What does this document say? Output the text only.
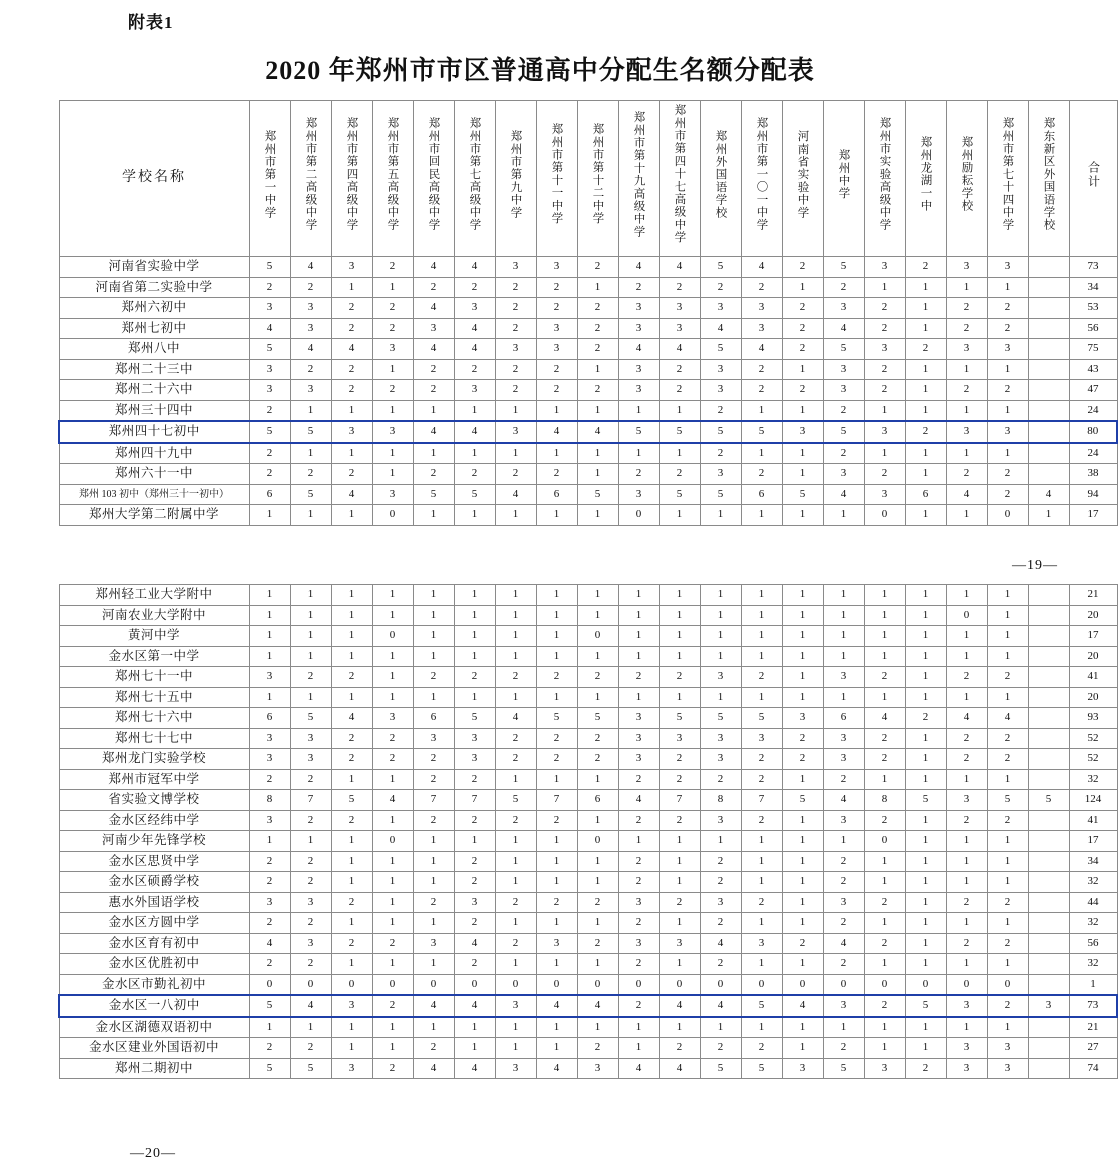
附表1
2020 年郑州市市区普通高中分配生名额分配表
学校名称	郑州市第一中学	郑州市第二高级中学	郑州市第四高级中学	郑州市第五高级中学	郑州市回民高级中学	郑州市第七高级中学	郑州市第九中学	郑州市第十一中学	郑州市第十二中学	郑州市第十九高级中学	郑州市第四十七高级中学	郑州外国语学校	郑州市第一〇一中学	河南省实验中学	郑州中学	郑州市实验高级中学	郑州龙湖一中	郑州励耘学校	郑州市第七十四中学	郑东新区外国语学校	合计
河南省实验中学	5	4	3	2	4	4	3	3	2	4	4	5	4	2	5	3	2	3	3		73
河南省第二实验中学	2	2	1	1	2	2	2	2	1	2	2	2	2	1	2	1	1	1	1		34
郑州六初中	3	3	2	2	4	3	2	2	2	3	3	3	3	2	3	2	1	2	2		53
郑州七初中	4	3	2	2	3	4	2	3	2	3	3	4	3	2	4	2	1	2	2		56
郑州八中	5	4	4	3	4	4	3	3	2	4	4	5	4	2	5	3	2	3	3		75
郑州二十三中	3	2	2	1	2	2	2	2	1	3	2	3	2	1	3	2	1	1	1		43
郑州二十六中	3	3	2	2	2	3	2	2	2	3	2	3	2	2	3	2	1	2	2		47
郑州三十四中	2	1	1	1	1	1	1	1	1	1	1	2	1	1	2	1	1	1	1		24
郑州四十七初中	5	5	3	3	4	4	3	4	4	5	5	5	5	3	5	3	2	3	3		80
郑州四十九中	2	1	1	1	1	1	1	1	1	1	1	2	1	1	2	1	1	1	1		24
郑州六十一中	2	2	2	1	2	2	2	2	1	2	2	3	2	1	3	2	1	2	2		38
郑州 103 初中（郑州三十一初中）	6	5	4	3	5	5	4	6	5	3	5	5	6	5	4	3	6	4	2	4	94
郑州大学第二附属中学	1	1	1	0	1	1	1	1	1	0	1	1	1	1	1	0	1	1	0	1	17
—19—
郑州轻工业大学附中	1	1	1	1	1	1	1	1	1	1	1	1	1	1	1	1	1	1	1		21
河南农业大学附中	1	1	1	1	1	1	1	1	1	1	1	1	1	1	1	1	1	0	1		20
黄河中学	1	1	1	0	1	1	1	1	0	1	1	1	1	1	1	1	1	1	1		17
金水区第一中学	1	1	1	1	1	1	1	1	1	1	1	1	1	1	1	1	1	1	1		20
郑州七十一中	3	2	2	1	2	2	2	2	2	2	2	3	2	1	3	2	1	2	2		41
郑州七十五中	1	1	1	1	1	1	1	1	1	1	1	1	1	1	1	1	1	1	1		20
郑州七十六中	6	5	4	3	6	5	4	5	5	3	5	5	5	3	6	4	2	4	4		93
郑州七十七中	3	3	2	2	3	3	2	2	2	3	3	3	3	2	3	2	1	2	2		52
郑州龙门实验学校	3	3	2	2	2	3	2	2	2	3	2	3	2	2	3	2	1	2	2		52
郑州市冠军中学	2	2	1	1	2	2	1	1	1	2	2	2	2	1	2	1	1	1	1		32
省实验文博学校	8	7	5	4	7	7	5	7	6	4	7	8	7	5	4	8	5	3	5	5	124
金水区经纬中学	3	2	2	1	2	2	2	2	1	2	2	3	2	1	3	2	1	2	2		41
河南少年先锋学校	1	1	1	0	1	1	1	1	0	1	1	1	1	1	1	0	1	1	1		17
金水区思贤中学	2	2	1	1	1	2	1	1	1	2	1	2	1	1	2	1	1	1	1		34
金水区硕爵学校	2	2	1	1	1	2	1	1	1	2	1	2	1	1	2	1	1	1	1		32
惠水外国语学校	3	3	2	1	2	3	2	2	2	3	2	3	2	1	3	2	1	2	2		44
金水区方圆中学	2	2	1	1	1	2	1	1	1	2	1	2	1	1	2	1	1	1	1		32
金水区育有初中	4	3	2	2	3	4	2	3	2	3	3	4	3	2	4	2	1	2	2		56
金水区优胜初中	2	2	1	1	1	2	1	1	1	2	1	2	1	1	2	1	1	1	1		32
金水区市勤礼初中	0	0	0	0	0	0	0	0	0	0	0	0	0	0	0	0	0	0	0		1
金水区一八初中	5	4	3	2	4	4	3	4	4	2	4	4	5	4	3	2	5	3	2	3	73
金水区湖德双语初中	1	1	1	1	1	1	1	1	1	1	1	1	1	1	1	1	1	1	1		21
金水区建业外国语初中	2	2	1	1	2	1	1	1	2	1	2	2	2	1	2	1	1	3	3		27
郑州二期初中	5	5	3	2	4	4	3	4	3	4	4	5	5	3	5	3	2	3	3		74
—20—
